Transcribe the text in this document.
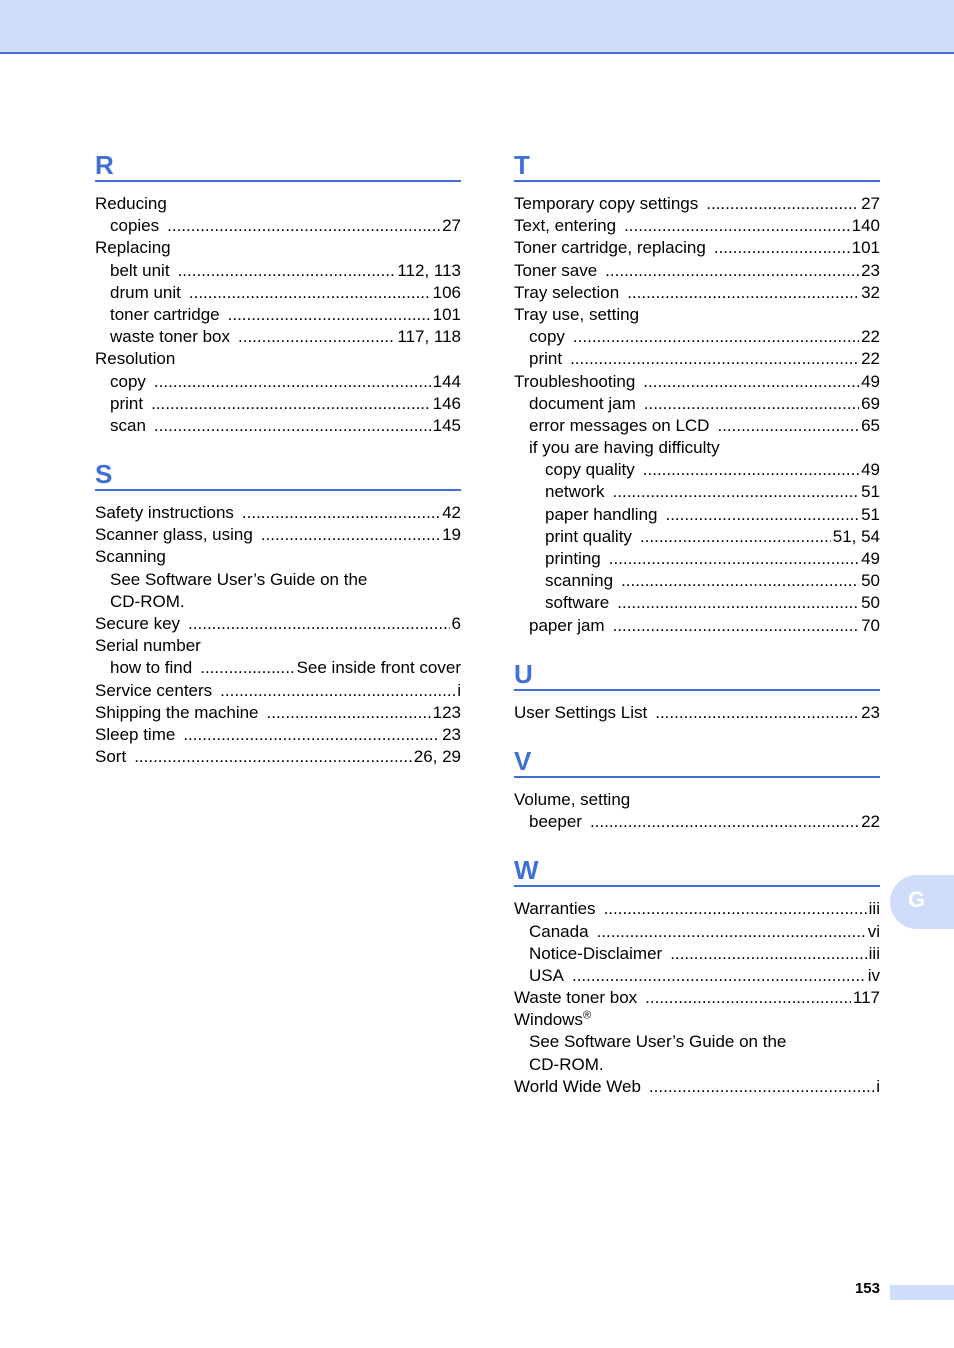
R
Reducing
copies .....	27
Replacing
belt unit .....	112, 113
drum unit .....	106
toner cartridge .....	101
waste toner box .....	117, 118
Resolution
copy .....	144
print .....	146
scan .....	145
S
Safety instructions .....	42
Scanner glass, using .....	19
Scanning
See Software User’s Guide on the
CD-ROM.
Secure key .....	6
Serial number
how to find .....	See inside front cover
Service centers .....	i
Shipping the machine .....	123
Sleep time .....	23
Sort .....	26, 29
T
Temporary copy settings .....	27
Text, entering .....	140
Toner cartridge, replacing .....	101
Toner save .....	23
Tray selection .....	32
Tray use, setting
copy .....	22
print .....	22
Troubleshooting .....	49
document jam .....	69
error messages on LCD .....	65
if you are having difficulty
copy quality .....	49
network .....	51
paper handling .....	51
print quality .....	51, 54
printing .....	49
scanning .....	50
software .....	50
paper jam .....	70
U
User Settings List .....	23
V
Volume, setting
beeper .....	22
W
Warranties .....	iii
Canada .....	vi
Notice-Disclaimer .....	iii
USA .....	iv
Waste toner box .....	117
Windows®
See Software User’s Guide on the
CD-ROM.
World Wide Web .....	i
G
153
